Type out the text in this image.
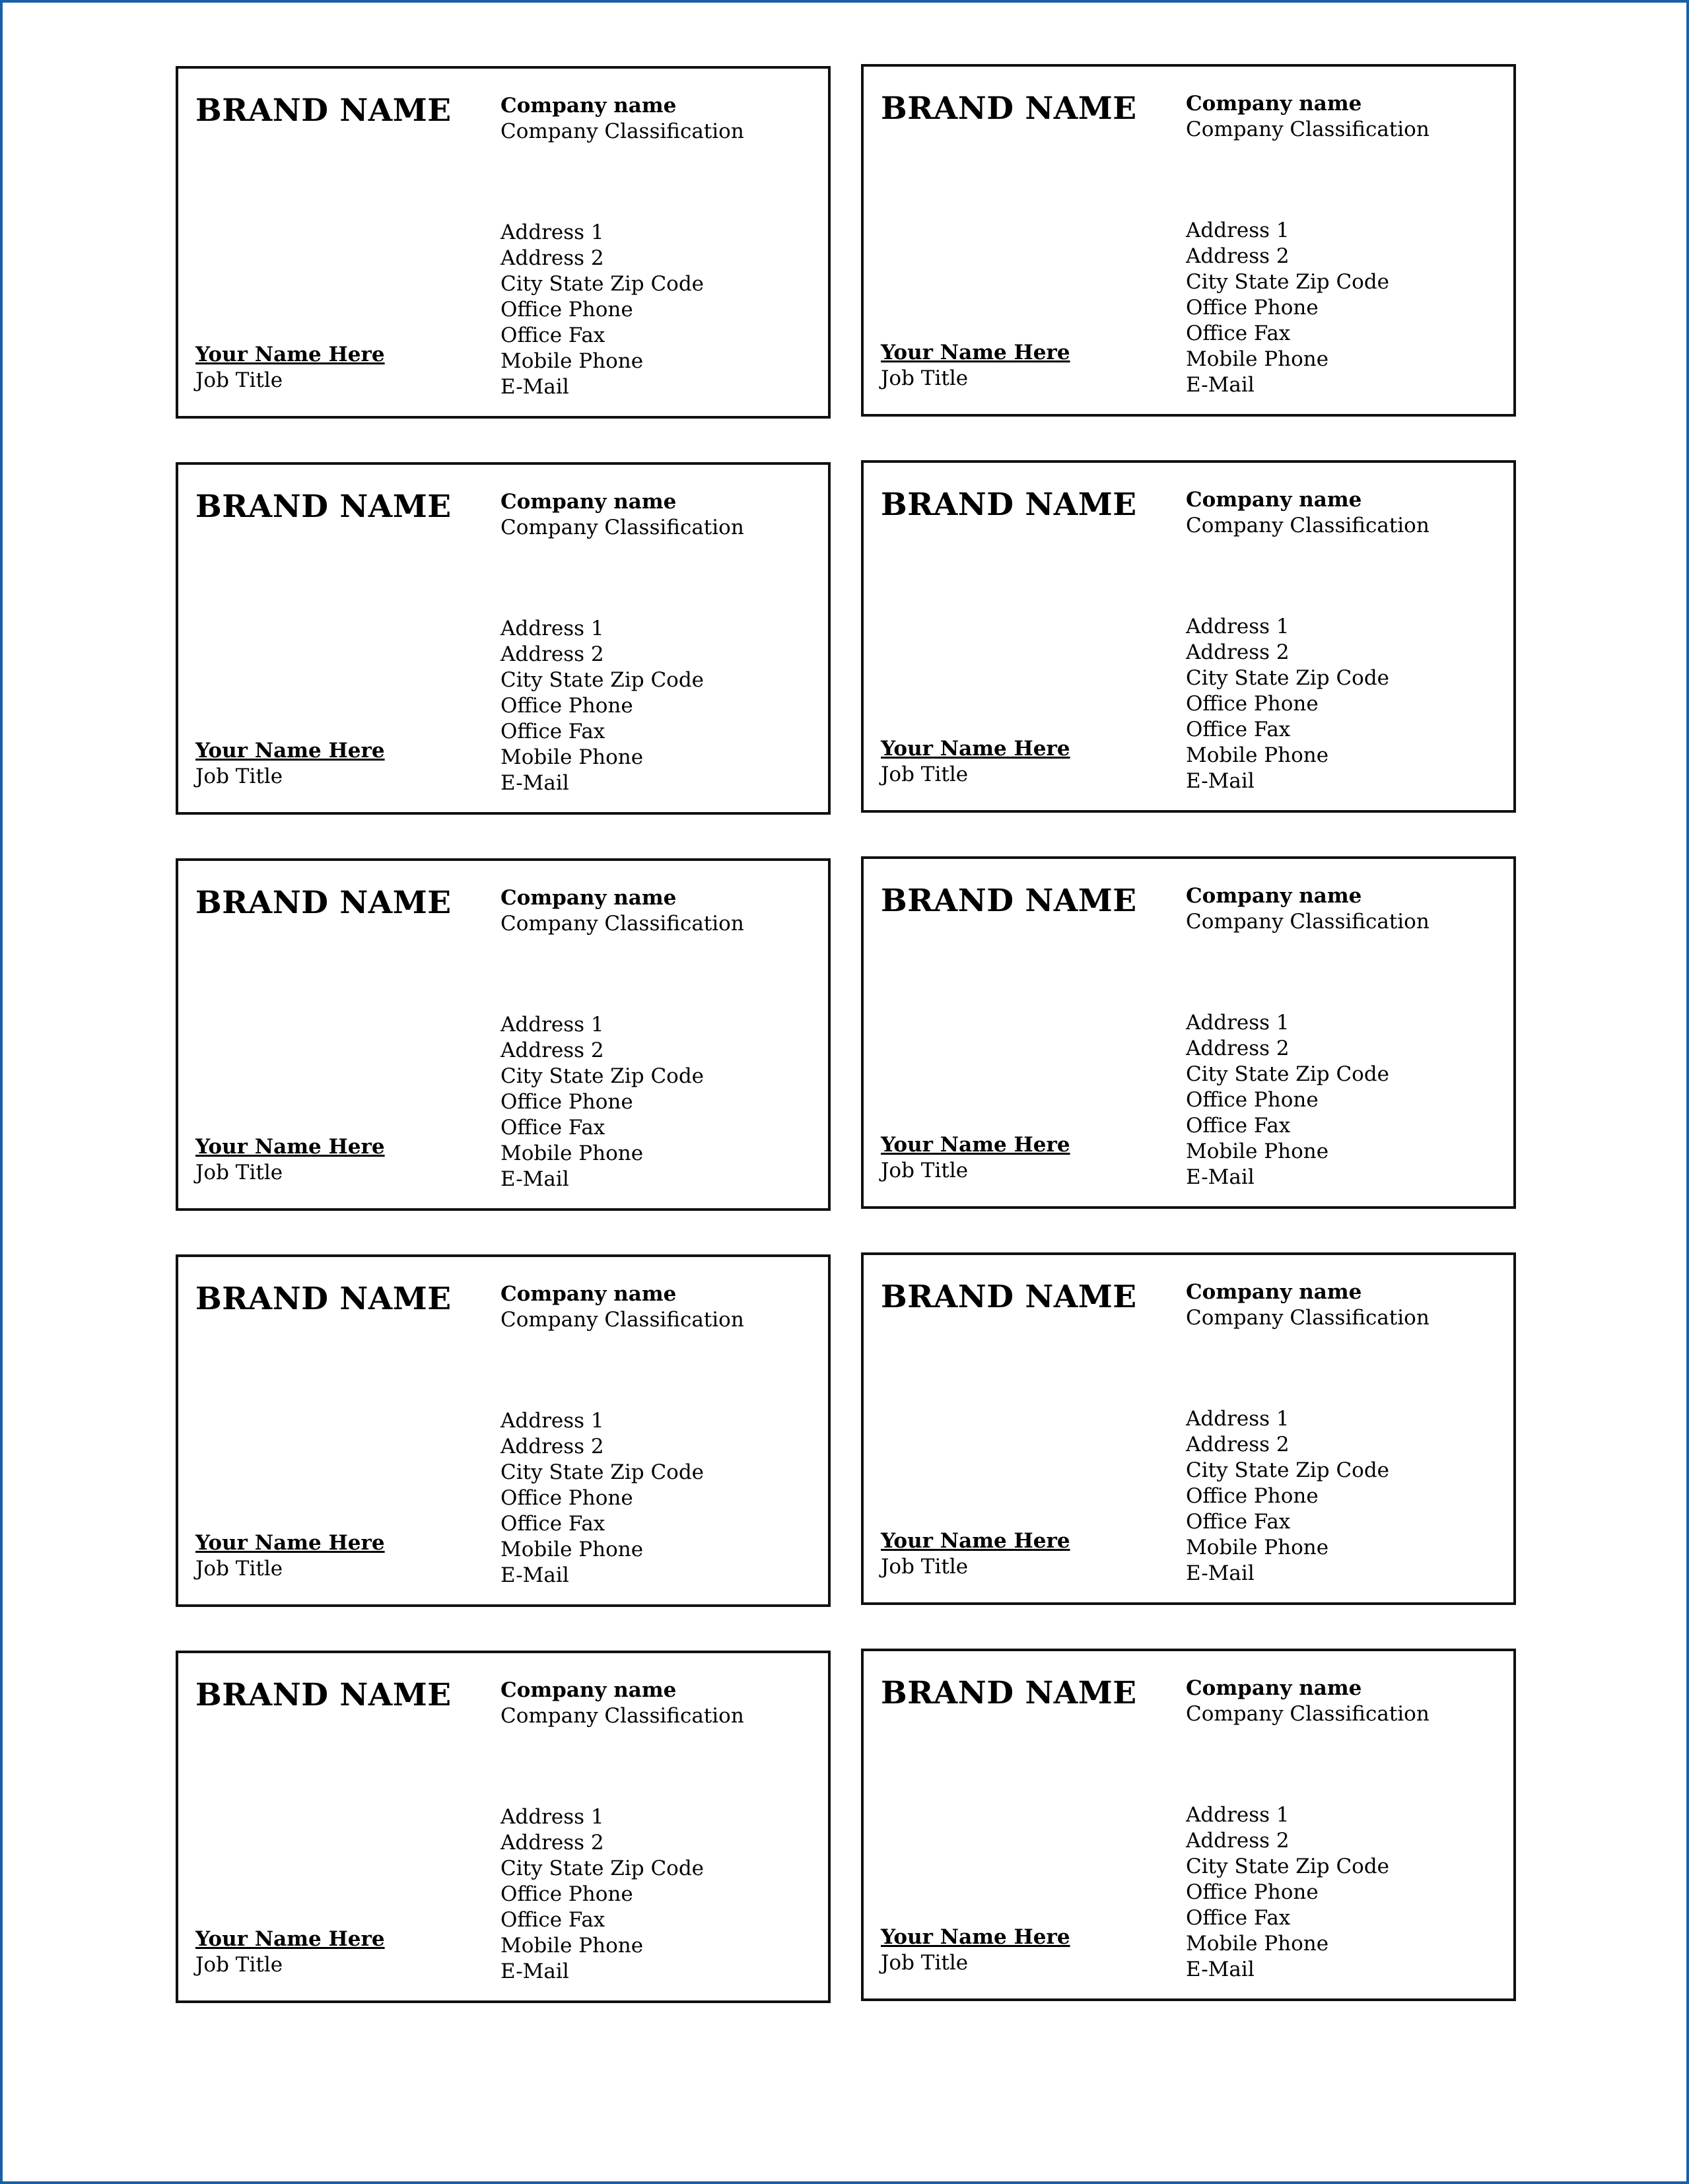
BRAND NAME Company name
Company Classification
Address 1
Address 2
City State Zip Code
Office Phone
Office Fax
Mobile Phone
E-Mail
Your Name Here
Job Title
BRAND NAME Company name
Company Classification
Address 1
Address 2
City State Zip Code
Office Phone
Office Fax
Mobile Phone
E-Mail
Your Name Here
Job Title
BRAND NAME Company name
Company Classification
Address 1
Address 2
City State Zip Code
Office Phone
Office Fax
Mobile Phone
E-Mail
Your Name Here
Job Title
BRAND NAME Company name
Company Classification
Address 1
Address 2
City State Zip Code
Office Phone
Office Fax
Mobile Phone
E-Mail
Your Name Here
Job Title
BRAND NAME Company name
Company Classification
Address 1
Address 2
City State Zip Code
Office Phone
Office Fax
Mobile Phone
E-Mail
Your Name Here
Job Title
BRAND NAME Company name
Company Classification
Address 1
Address 2
City State Zip Code
Office Phone
Office Fax
Mobile Phone
E-Mail
Your Name Here
Job Title
BRAND NAME Company name
Company Classification
Address 1
Address 2
City State Zip Code
Office Phone
Office Fax
Mobile Phone
E-Mail
Your Name Here
Job Title
BRAND NAME Company name
Company Classification
Address 1
Address 2
City State Zip Code
Office Phone
Office Fax
Mobile Phone
E-Mail
Your Name Here
Job Title
BRAND NAME Company name
Company Classification
Address 1
Address 2
City State Zip Code
Office Phone
Office Fax
Mobile Phone
E-Mail
Your Name Here
Job Title
BRAND NAME Company name
Company Classification
Address 1
Address 2
City State Zip Code
Office Phone
Office Fax
Mobile Phone
E-Mail
Your Name Here
Job Title
